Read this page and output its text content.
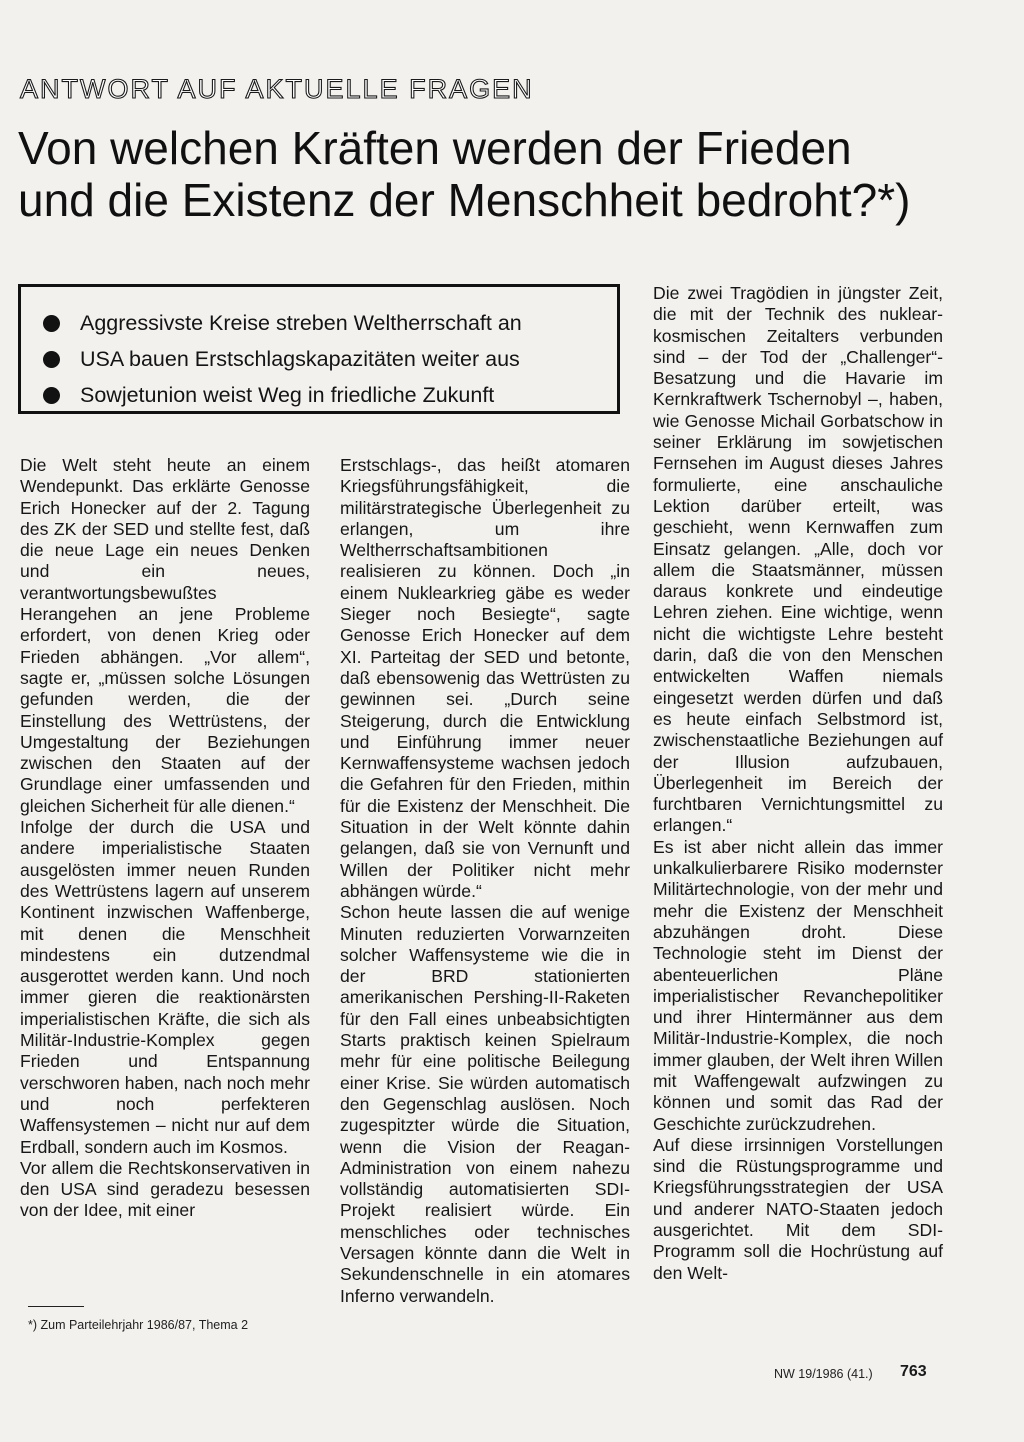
ANTWORT AUF AKTUELLE FRAGEN
Von welchen Kräften werden der Frieden
und die Existenz der Menschheit bedroht?*)
Aggressivste Kreise streben Weltherrschaft an
USA bauen Erstschlagskapazitäten weiter aus
Sowjetunion weist Weg in friedliche Zukunft

Die Welt steht heute an einem Wendepunkt. Das erklärte Genosse Erich Honecker auf der 2. Tagung des ZK der SED und stellte fest, daß die neue Lage ein neues Denken und ein neues, verantwortungsbewußtes Herangehen an jene Probleme erfordert, von denen Krieg oder Frieden abhängen. „Vor allem“, sagte er, „müssen solche Lösungen gefunden werden, die der Einstellung des Wettrüstens, der Umgestaltung der Beziehungen zwischen den Staaten auf der Grundlage einer umfassenden und gleichen Sicherheit für alle dienen.“

Infolge der durch die USA und andere imperialistische Staaten ausgelösten immer neuen Runden des Wettrüstens lagern auf unserem Kontinent inzwischen Waffenberge, mit denen die Menschheit mindestens ein dutzendmal ausgerottet werden kann. Und noch immer gieren die reaktionärsten imperialistischen Kräfte, die sich als Militär-Industrie-Komplex gegen Frieden und Entspannung verschworen haben, nach noch mehr und noch perfekteren Waffensystemen – nicht nur auf dem Erdball, sondern auch im Kosmos.

Vor allem die Rechtskonservativen in den USA sind geradezu besessen von der Idee, mit einer

Erstschlags-, das heißt atomaren Kriegsführungsfähigkeit, die militärstrategische Überlegenheit zu erlangen, um ihre Weltherrschaftsambitionen realisieren zu können. Doch „in einem Nuklearkrieg gäbe es weder Sieger noch Besiegte“, sagte Genosse Erich Honecker auf dem XI. Parteitag der SED und betonte, daß ebensowenig das Wettrüsten zu gewinnen sei. „Durch seine Steigerung, durch die Entwicklung und Einführung immer neuer Kernwaffensysteme wachsen jedoch die Gefahren für den Frieden, mithin für die Existenz der Menschheit. Die Situation in der Welt könnte dahin gelangen, daß sie von Vernunft und Willen der Politiker nicht mehr abhängen würde.“

Schon heute lassen die auf wenige Minuten reduzierten Vorwarnzeiten solcher Waffensysteme wie die in der BRD stationierten amerikanischen Pershing-II-Raketen für den Fall eines unbeabsichtigten Starts praktisch keinen Spielraum mehr für eine politische Beilegung einer Krise. Sie würden automatisch den Gegenschlag auslösen. Noch zugespitzter würde die Situation, wenn die Vision der Reagan-Administration von einem nahezu vollständig automatisierten SDI-Projekt realisiert würde. Ein menschliches oder technisches Versagen könnte dann die Welt in Sekundenschnelle in ein atomares Inferno verwandeln.

Die zwei Tragödien in jüngster Zeit, die mit der Technik des nuklear-kosmischen Zeitalters verbunden sind – der Tod der „Challenger“-Besatzung und die Havarie im Kernkraftwerk Tschernobyl –, haben, wie Genosse Michail Gorbatschow in seiner Erklärung im sowjetischen Fernsehen im August dieses Jahres formulierte, eine anschauliche Lektion darüber erteilt, was geschieht, wenn Kernwaffen zum Einsatz gelangen. „Alle, doch vor allem die Staatsmänner, müssen daraus konkrete und eindeutige Lehren ziehen. Eine wichtige, wenn nicht die wichtigste Lehre besteht darin, daß die von den Menschen entwickelten Waffen niemals eingesetzt werden dürfen und daß es heute einfach Selbstmord ist, zwischenstaatliche Beziehungen auf der Illusion aufzubauen, Überlegenheit im Bereich der furchtbaren Vernichtungsmittel zu erlangen.“

Es ist aber nicht allein das immer unkalkulierbarere Risiko modernster Militärtechnologie, von der mehr und mehr die Existenz der Menschheit abzuhängen droht. Diese Technologie steht im Dienst der abenteuerlichen Pläne imperialistischer Revanchepolitiker und ihrer Hintermänner aus dem Militär-Industrie-Komplex, die noch immer glauben, der Welt ihren Willen mit Waffengewalt aufzwingen zu können und somit das Rad der Geschichte zurückzudrehen.

Auf diese irrsinnigen Vorstellungen sind die Rüstungsprogramme und Kriegsführungsstrategien der USA und anderer NATO-Staaten jedoch ausgerichtet. Mit dem SDI-Programm soll die Hochrüstung auf den Welt-

*) Zum Parteilehrjahr 1986/87, Thema 2
NW 19/1986 (41.) 763
